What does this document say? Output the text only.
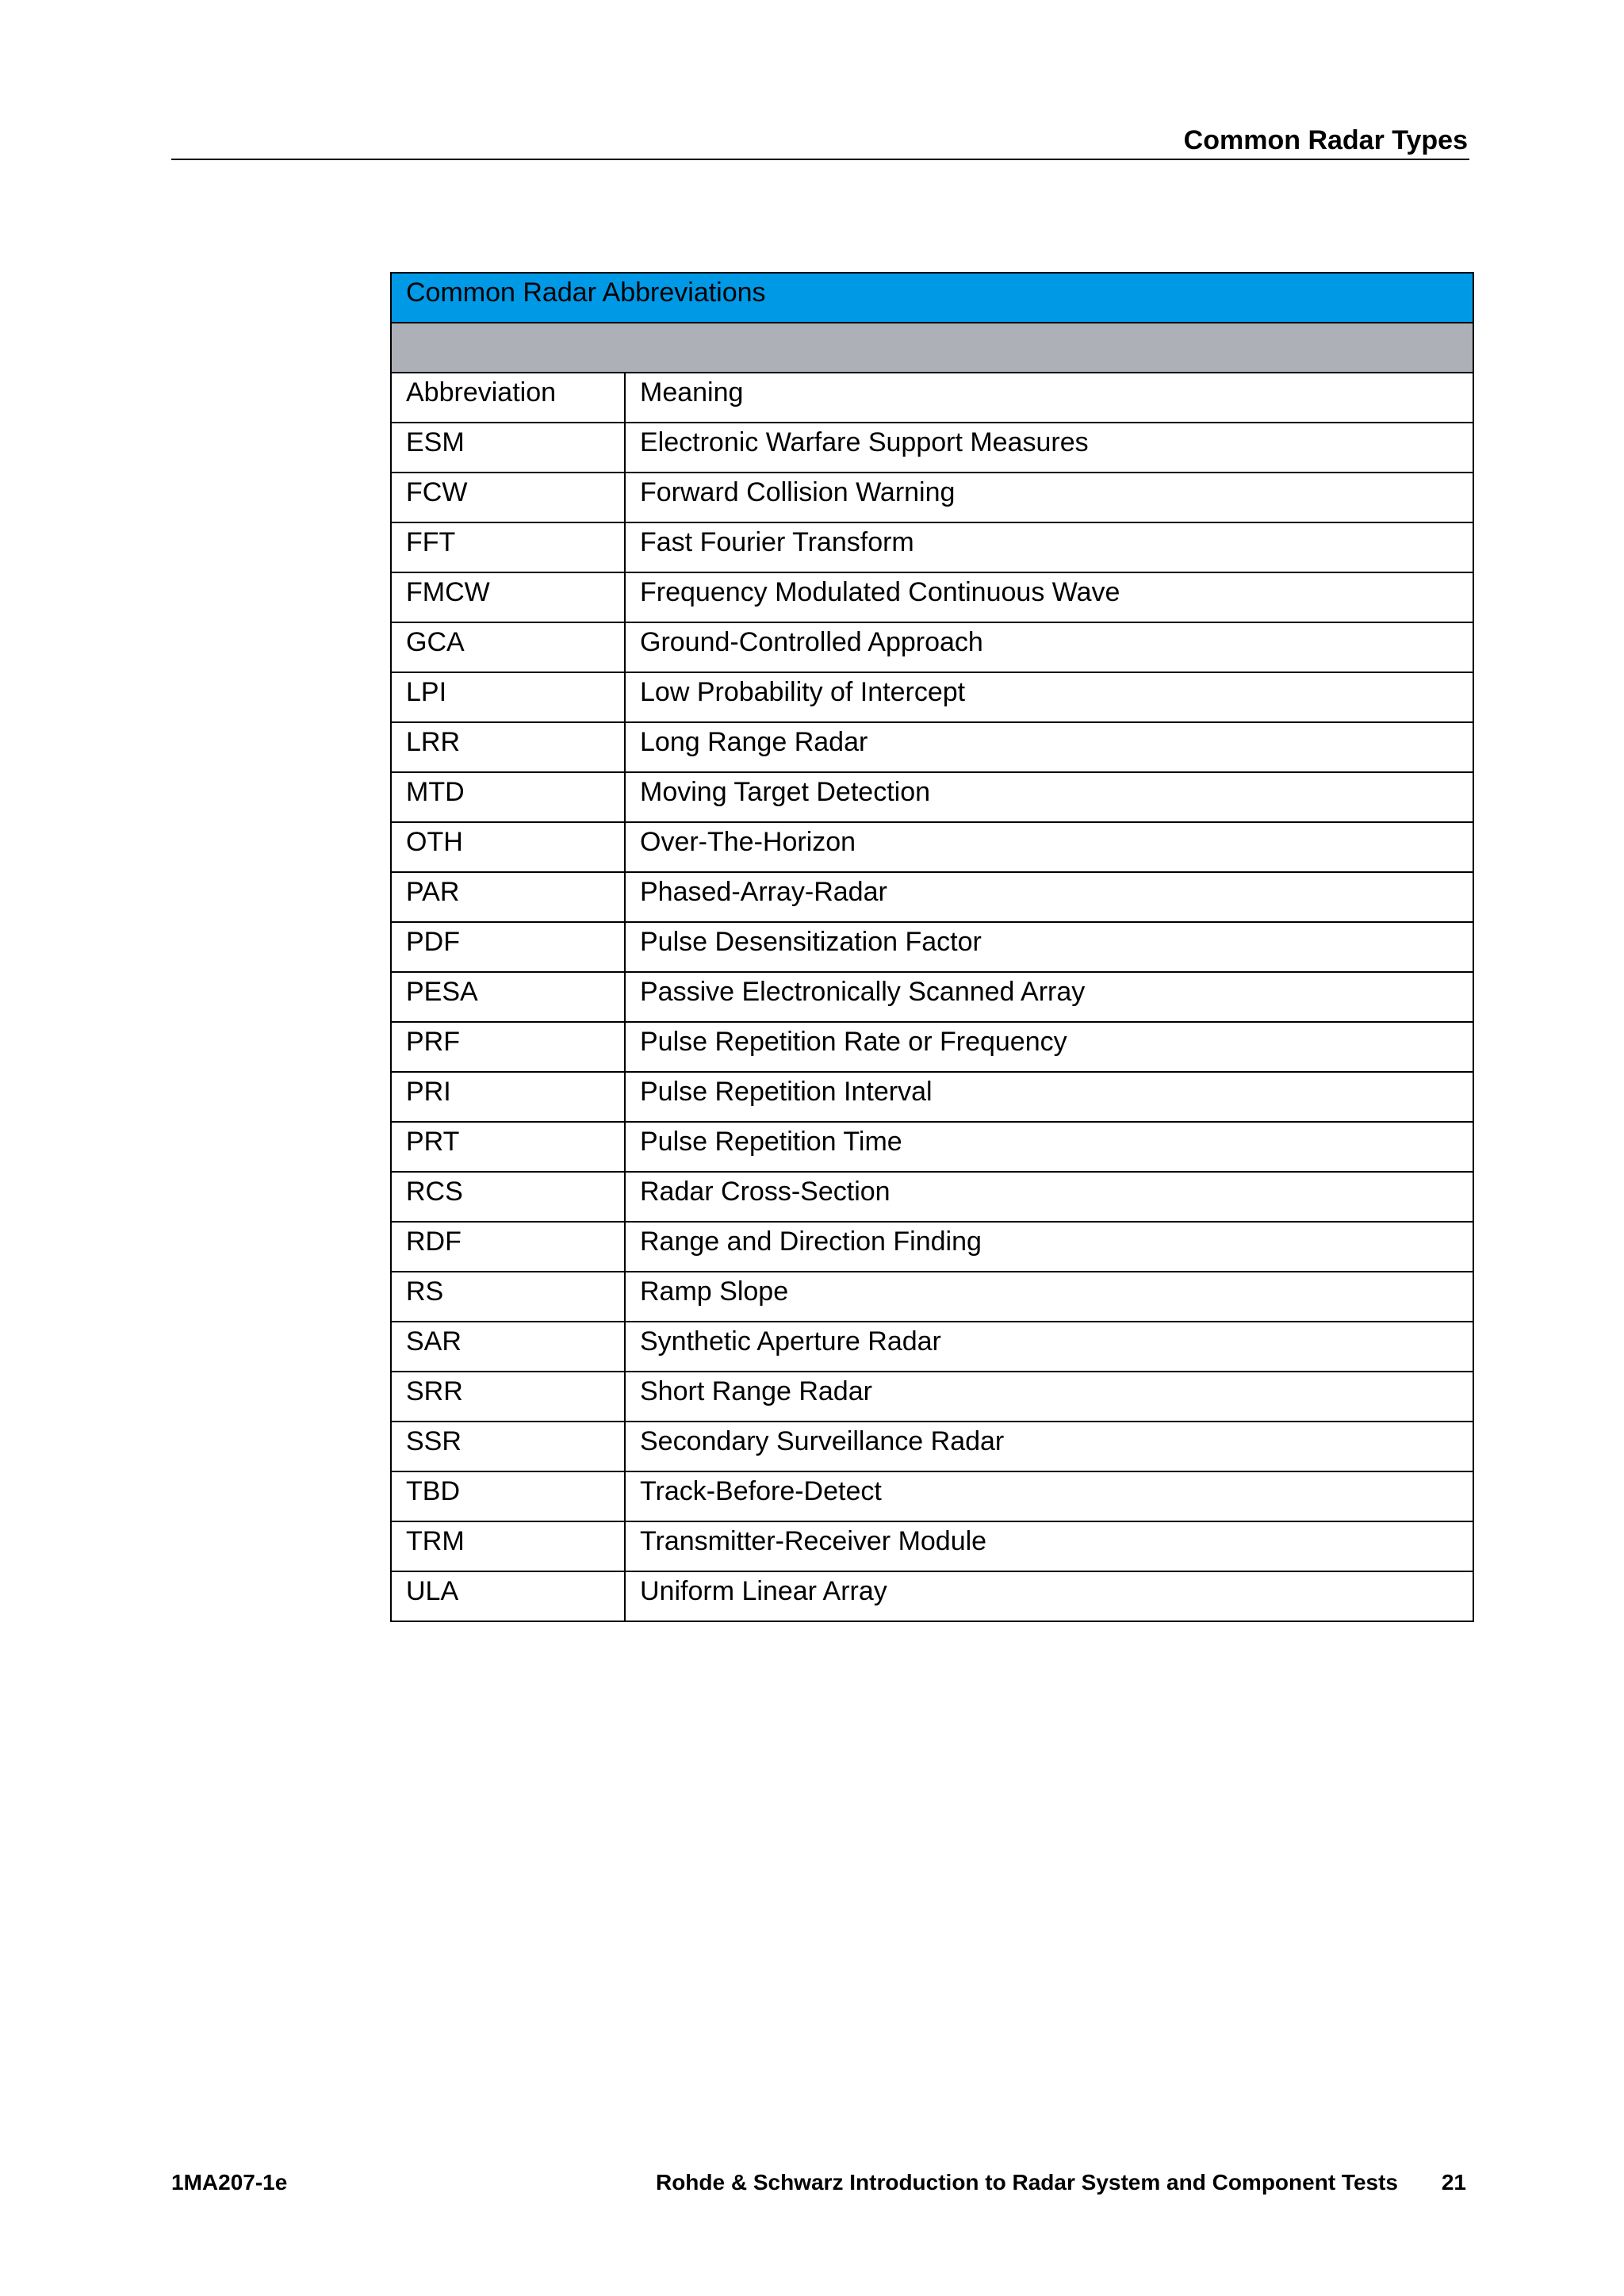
Common Radar Types
Common Radar Abbreviations	

Abbreviation	Meaning
ESM	Electronic Warfare Support Measures
FCW	Forward Collision Warning
FFT	Fast Fourier Transform
FMCW	Frequency Modulated Continuous Wave
GCA	Ground-Controlled Approach
LPI	Low Probability of Intercept
LRR	Long Range Radar
MTD	Moving Target Detection
OTH	Over-The-Horizon
PAR	Phased-Array-Radar
PDF	Pulse Desensitization Factor
PESA	Passive Electronically Scanned Array
PRF	Pulse Repetition Rate or Frequency
PRI	Pulse Repetition Interval
PRT	Pulse Repetition Time
RCS	Radar Cross-Section
RDF	Range and Direction Finding
RS	Ramp Slope
SAR	Synthetic Aperture Radar
SRR	Short Range Radar
SSR	Secondary Surveillance Radar
TBD	Track-Before-Detect
TRM	Transmitter-Receiver Module
ULA	Uniform Linear Array
1MA207-1e	Rohde & Schwarz Introduction to Radar System and Component Tests 21
